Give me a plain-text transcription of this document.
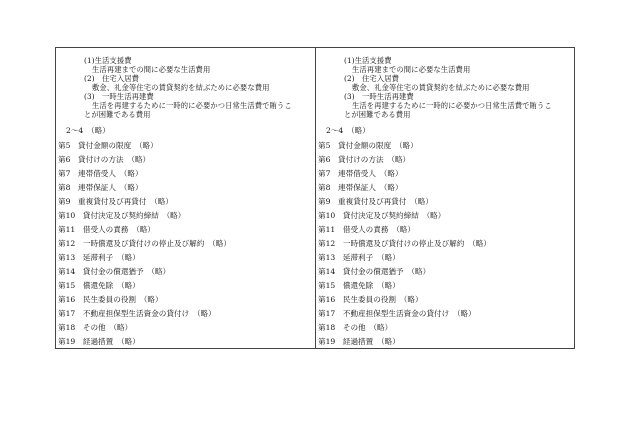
(1)生活支援費
生活再建までの間に必要な生活費用
(2)　住宅入居費
敷金、礼金等住宅の賃貸契約を結ぶために必要な費用
(3)　一時生活再建費
生活を再建するために一時的に必要かつ日常生活費で賄うこ
とが困難である費用
2～4　（略）
第5　貸付金額の限度　（略）
第6　貸付けの方法　（略）
第7　連帯借受人　（略）
第8　連帯保証人　（略）
第9　重複貸付及び再貸付　（略）
第10　貸付決定及び契約締結　（略）
第11　借受人の責務　（略）
第12　一時償還及び貸付けの停止及び解約　（略）
第13　延滞利子　（略）
第14　貸付金の償還猶予　（略）
第15　償還免除　（略）
第16　民生委員の役割　（略）
第17　不動産担保型生活資金の貸付け　（略）
第18　その他　（略）
第19　経過措置　（略）
(1)生活支援費
生活再建までの間に必要な生活費用
(2)　住宅入居費
敷金、礼金等住宅の賃貸契約を結ぶために必要な費用
(3)　一時生活再建費
生活を再建するために一時的に必要かつ日常生活費で賄うこ
とが困難である費用
2～4　（略）
第5　貸付金額の限度　（略）
第6　貸付けの方法　（略）
第7　連帯借受人　（略）
第8　連帯保証人　（略）
第9　重複貸付及び再貸付　（略）
第10　貸付決定及び契約締結　（略）
第11　借受人の責務　（略）
第12　一時償還及び貸付けの停止及び解約　（略）
第13　延滞利子　（略）
第14　貸付金の償還猶予　（略）
第15　償還免除　（略）
第16　民生委員の役割　（略）
第17　不動産担保型生活資金の貸付け　（略）
第18　その他　（略）
第19　経過措置　（略）
